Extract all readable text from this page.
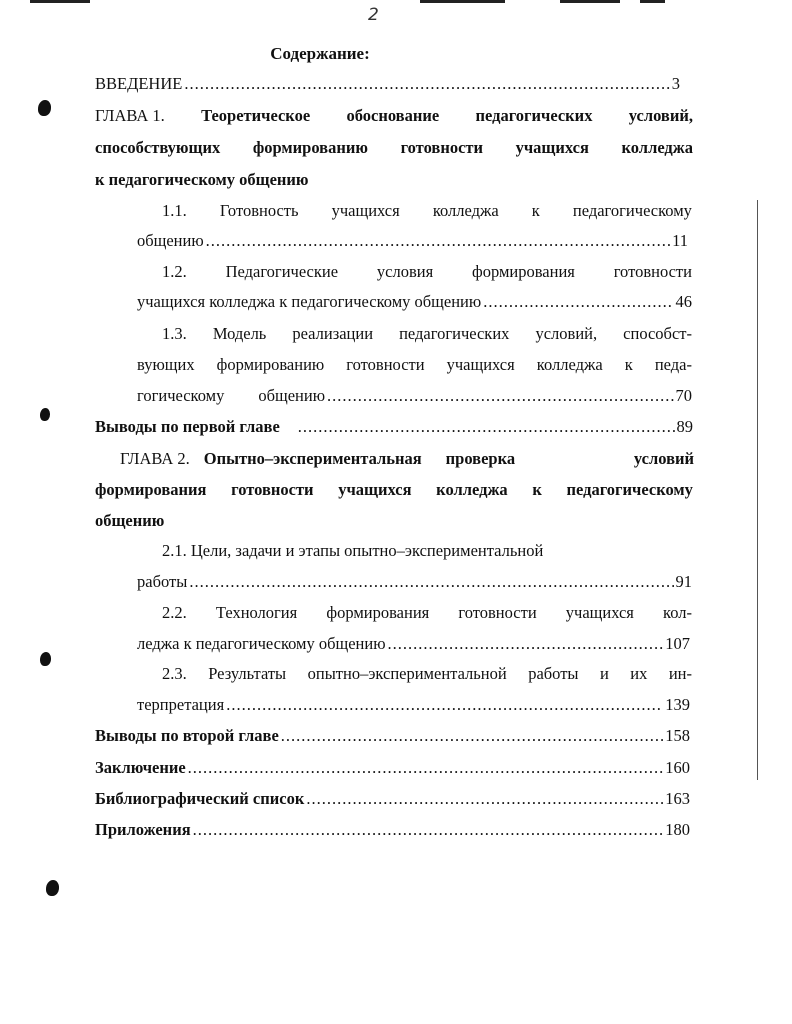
2
Содержание:
ВВЕДЕНИЕ .....	3
ГЛАВА 1. Теоретическое обоснование педагогических условий,
способствующих формированию готовности учащихся колледжа
к педагогическому общению
1.1. Готовность учащихся колледжа к педагогическому
общению .....	11
1.2. Педагогические условия формирования готовности
учащихся колледжа к педагогическому общению .....	46
1.3. Модель реализации педагогических условий, способст-
вующих формированию готовности учащихся колледжа к педа-
гогическому общению .....	70
Выводы по первой главе .....	89
ГЛАВА 2. Опытно–экспериментальная проверка	условий
формирования готовности учащихся колледжа к педагогическому
общению
2.1. Цели, задачи и этапы опытно–экспериментальной
работы .....	91
2.2. Технология формирования готовности учащихся кол-
леджа к педагогическому общению .....	107
2.3. Результаты опытно–экспериментальной работы и их ин-
терпретация .....	139
Выводы по второй главе .....	158
Заключение .....	160
Библиографический список .....	163
Приложения .....	180
